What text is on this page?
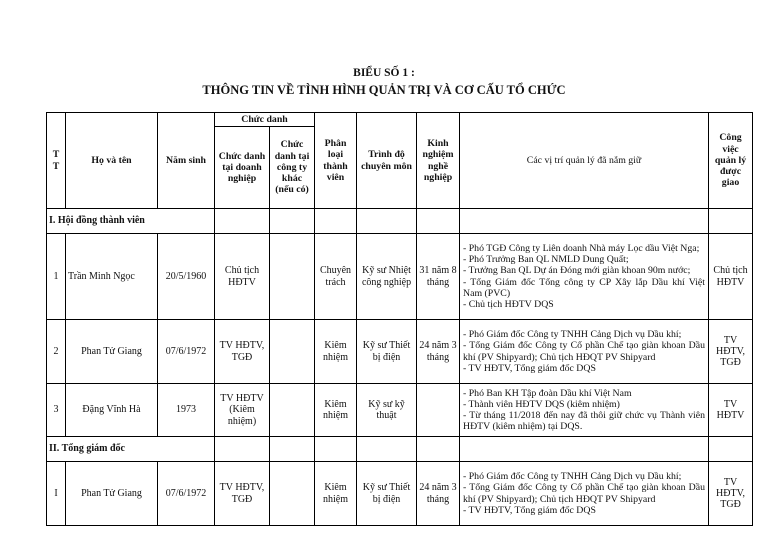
BIỂU SỐ 1 :
THÔNG TIN VỀ TÌNH HÌNH QUẢN TRỊ VÀ CƠ CẤU TỔ CHỨC
T T	Họ và tên	Năm sinh	Chức danh		Phân loại thành viên	Trình độ chuyên môn	Kinh nghiệm nghề nghiệp	Các vị trí quản lý đã nắm giữ	Công việc quản lý được giao
			Chức danh tại doanh nghiệp	Chức danh tại công ty khác (nếu có)					
I. Hội đồng thành viên									
1	Trần Minh Ngọc	20/5/1960	Chủ tịch HĐTV		Chuyên trách	Kỹ sư Nhiệt công nghiệp	31 năm 8 tháng	- Phó TGĐ Công ty Liên doanh Nhà máy Lọc dầu Việt Nga;
- Phó Trưởng Ban QL NMLD Dung Quất;
- Trưởng Ban QL Dự án Đóng mới giàn khoan 90m nước;
- Tổng Giám đốc Tổng công ty CP Xây lắp Dầu khí Việt Nam (PVC)
- Chủ tịch HĐTV DQS	Chủ tịch HĐTV
2	Phan Tử Giang	07/6/1972	TV HĐTV, TGĐ		Kiêm nhiệm	Kỹ sư Thiết bị điện	24 năm 3 tháng	- Phó Giám đốc Công ty TNHH Cảng Dịch vụ Dầu khí;
- Tổng Giám đốc Công ty Cổ phần Chế tạo giàn khoan Dầu khí (PV Shipyard); Chủ tịch HĐQT PV Shipyard
- TV HĐTV, Tổng giám đốc DQS	TV HĐTV, TGĐ
3	Đặng Vĩnh Hà	1973	TV HĐTV (Kiêm nhiệm)		Kiêm nhiệm	Kỹ sư kỹ thuật		- Phó Ban KH Tập đoàn Dầu khí Việt Nam
- Thành viên HĐTV DQS (kiêm nhiệm)
- Từ tháng 11/2018 đến nay đã thôi giữ chức vụ Thành viên HĐTV (kiêm nhiệm) tại DQS.	TV HĐTV
II. Tổng giám đốc									
I	Phan Tử Giang	07/6/1972	TV HĐTV, TGĐ		Kiêm nhiệm	Kỹ sư Thiết bị điện	24 năm 3 tháng	- Phó Giám đốc Công ty TNHH Cảng Dịch vụ Dầu khí;
- Tổng Giám đốc Công ty Cổ phần Chế tạo giàn khoan Dầu khí (PV Shipyard); Chủ tịch HĐQT PV Shipyard
- TV HĐTV, Tổng giám đốc DQS	TV HĐTV, TGĐ
